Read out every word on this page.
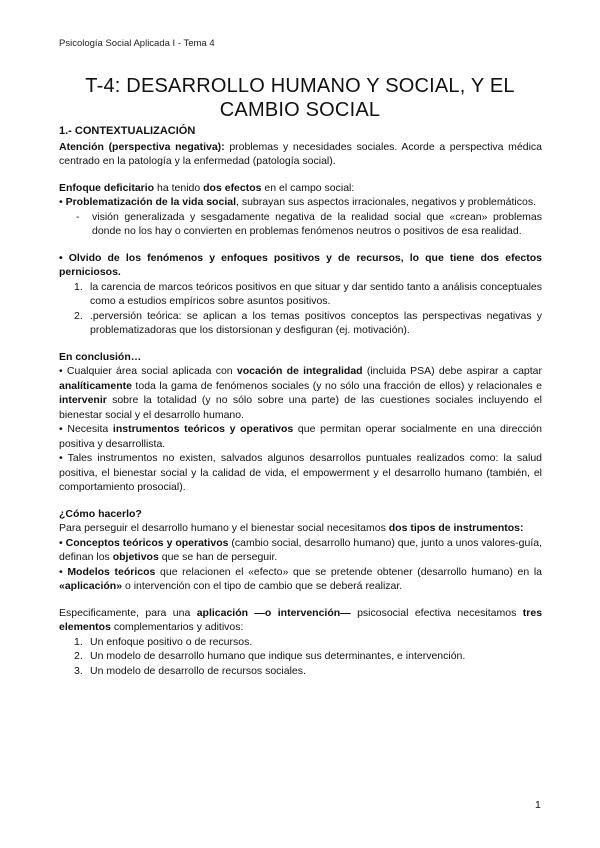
Psicología Social Aplicada I - Tema 4
T-4: DESARROLLO HUMANO Y SOCIAL, Y EL
CAMBIO SOCIAL
1.- CONTEXTUALIZACIÓN

Atención (perspectiva negativa): problemas y necesidades sociales. Acorde a perspectiva médica centrado en la patología y la enfermedad (patología social).

Enfoque deficitario ha tenido dos efectos en el campo social:

• Problematización de la vida social, subrayan sus aspectos irracionales, negativos y problemáticos.

- visión generalizada y sesgadamente negativa de la realidad social que «crean» problemas donde no los hay o convierten en problemas fenómenos neutros o positivos de esa realidad.

• Olvido de los fenómenos y enfoques positivos y de recursos, lo que tiene dos efectos perniciosos.

1. la carencia de marcos teóricos positivos en que situar y dar sentido tanto a análisis conceptuales como a estudios empíricos sobre asuntos positivos.
2. .perversión teórica: se aplican a los temas positivos conceptos las perspectivas negativas y problematizadoras que los distorsionan y desfiguran (ej. motivación).

En conclusión…

• Cualquier área social aplicada con vocación de integralidad (incluida PSA) debe aspirar a captar analíticamente toda la gama de fenómenos sociales (y no sólo una fracción de ellos) y relacionales e intervenir sobre la totalidad (y no sólo sobre una parte) de las cuestiones sociales incluyendo el bienestar social y el desarrollo humano.

• Necesita instrumentos teóricos y operativos que permitan operar socialmente en una dirección positiva y desarrollista.

• Tales instrumentos no existen, salvados algunos desarrollos puntuales realizados como: la salud positiva, el bienestar social y la calidad de vida, el empowerment y el desarrollo humano (también, el comportamiento prosocial).

¿Cómo hacerlo?

Para perseguir el desarrollo humano y el bienestar social necesitamos dos tipos de instrumentos:

• Conceptos teóricos y operativos (cambio social, desarrollo humano) que, junto a unos valores-guía, definan los objetivos que se han de perseguir.

• Modelos teóricos que relacionen el «efecto» que se pretende obtener (desarrollo humano) en la «aplicación» o intervención con el tipo de cambio que se deberá realizar.

Especificamente, para una aplicación —o intervención— psicosocial efectiva necesitamos tres elementos complementarios y aditivos:

1. Un enfoque positivo o de recursos.
2. Un modelo de desarrollo humano que indique sus determinantes, e intervención.
3. Un modelo de desarrollo de recursos sociales.
1
